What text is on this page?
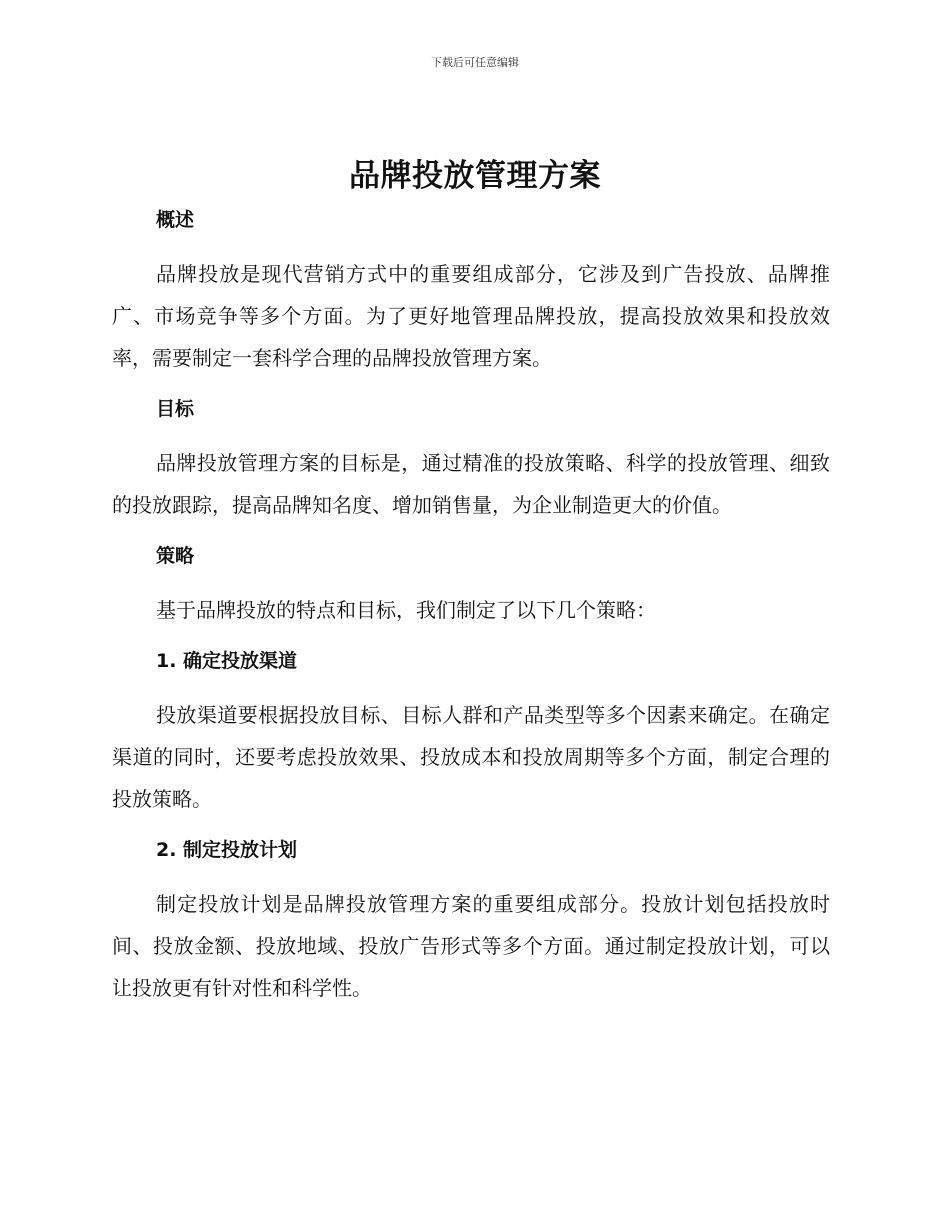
下载后可任意编辑
品牌投放管理方案
概述

品牌投放是现代营销方式中的重要组成部分，它涉及到广告投放、品牌推广、市场竞争等多个方面。为了更好地管理品牌投放，提高投放效果和投放效率，需要制定一套科学合理的品牌投放管理方案。

目标

品牌投放管理方案的目标是，通过精准的投放策略、科学的投放管理、细致的投放跟踪，提高品牌知名度、增加销售量，为企业制造更大的价值。

策略

基于品牌投放的特点和目标，我们制定了以下几个策略：

1. 确定投放渠道

投放渠道要根据投放目标、目标人群和产品类型等多个因素来确定。在确定渠道的同时，还要考虑投放效果、投放成本和投放周期等多个方面，制定合理的投放策略。

2. 制定投放计划

制定投放计划是品牌投放管理方案的重要组成部分。投放计划包括投放时间、投放金额、投放地域、投放广告形式等多个方面。通过制定投放计划，可以让投放更有针对性和科学性。
